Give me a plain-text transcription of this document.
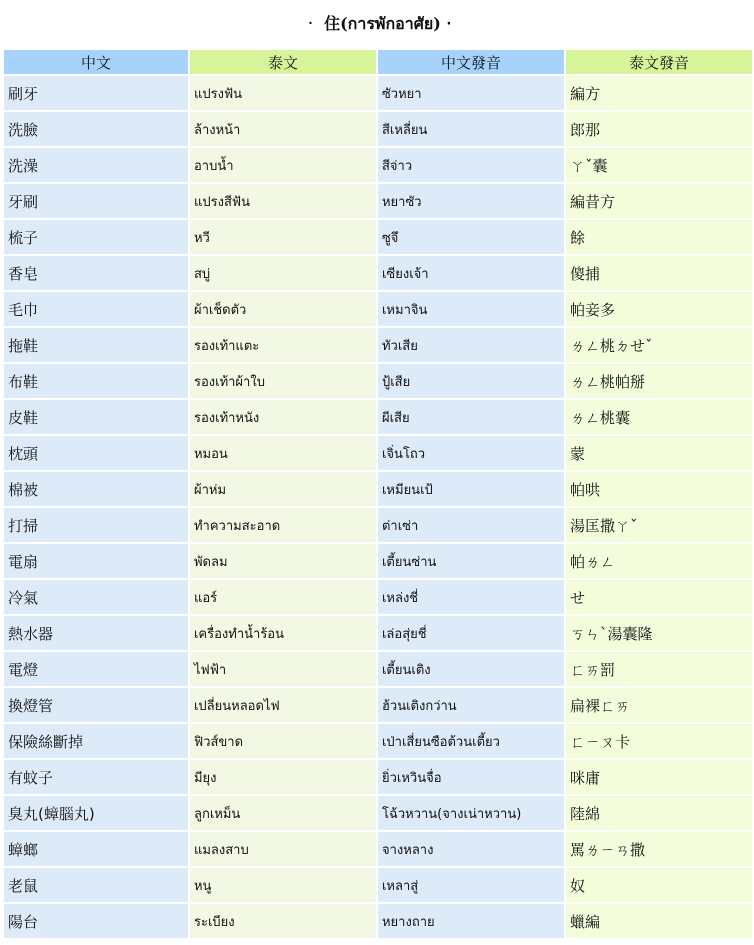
‧ 住(การพักอาศัย) ‧
中文	泰文	中文發音	泰文發音
刷牙	แปรงฟัน	ซัวหยา	編方
洗臉	ล้างหน้า	สีเหลี่ยน	郎那
洗澡	อาบน้ำ	สีจ่าว	ㄚˇ囊
牙刷	แปรงสีฟัน	หยาซัว	編昔方
梳子	หวี	ซูจึ	餘
香皂	สบู่	เซียงเจ้า	傻捕
毛巾	ผ้าเช็ดตัว	เหมาจิน	帕妾多
拖鞋	รองเท้าแตะ	ทัวเสีย	ㄌㄥ桃ㄉせˇ
布鞋	รองเท้าผ้าใบ	ปู้เสีย	ㄌㄥ桃帕掰
皮鞋	รองเท้าหนัง	ผีเสีย	ㄌㄥ桃囊
枕頭	หมอน	เจิ่นโถว	蒙
棉被	ผ้าห่ม	เหมียนเป้	帕哄
打掃	ทำความสะอาด	ต่าเซ่า	湯匡撒ㄚˇ
電扇	พัดลม	เตี้ยนซ่าน	帕ㄌㄥ
冷氣	แอร์	เหล่งชี่	せ
熱水器	เครื่องทำน้ำร้อน	เล่อสุ่ยชี่	ㄎㄣˋ湯囊隆
電燈	ไฟฟ้า	เตี้ยนเติง	ㄈㄞ罰
換燈管	เปลี่ยนหลอดไฟ	ฮ้วนเติงกว่าน	扁裸ㄈㄞ
保險絲斷掉	ฟิวส์ขาด	เป่าเสี่ยนซือต้วนเตี้ยว	ㄈㄧㄡ卡
有蚊子	มียุง	ยิ่วเหวินจื่อ	咪庸
臭丸(蟑腦丸)	ลูกเหม็น	โฉ้วหวาน(จางเน่าหวาน)	陸綿
蟑螂	แมลงสาบ	จางหลาง	罵ㄌㄧㄢ撒
老鼠	หนู	เหลาสู่	奴
陽台	ระเบียง	หยางถาย	蠟編
